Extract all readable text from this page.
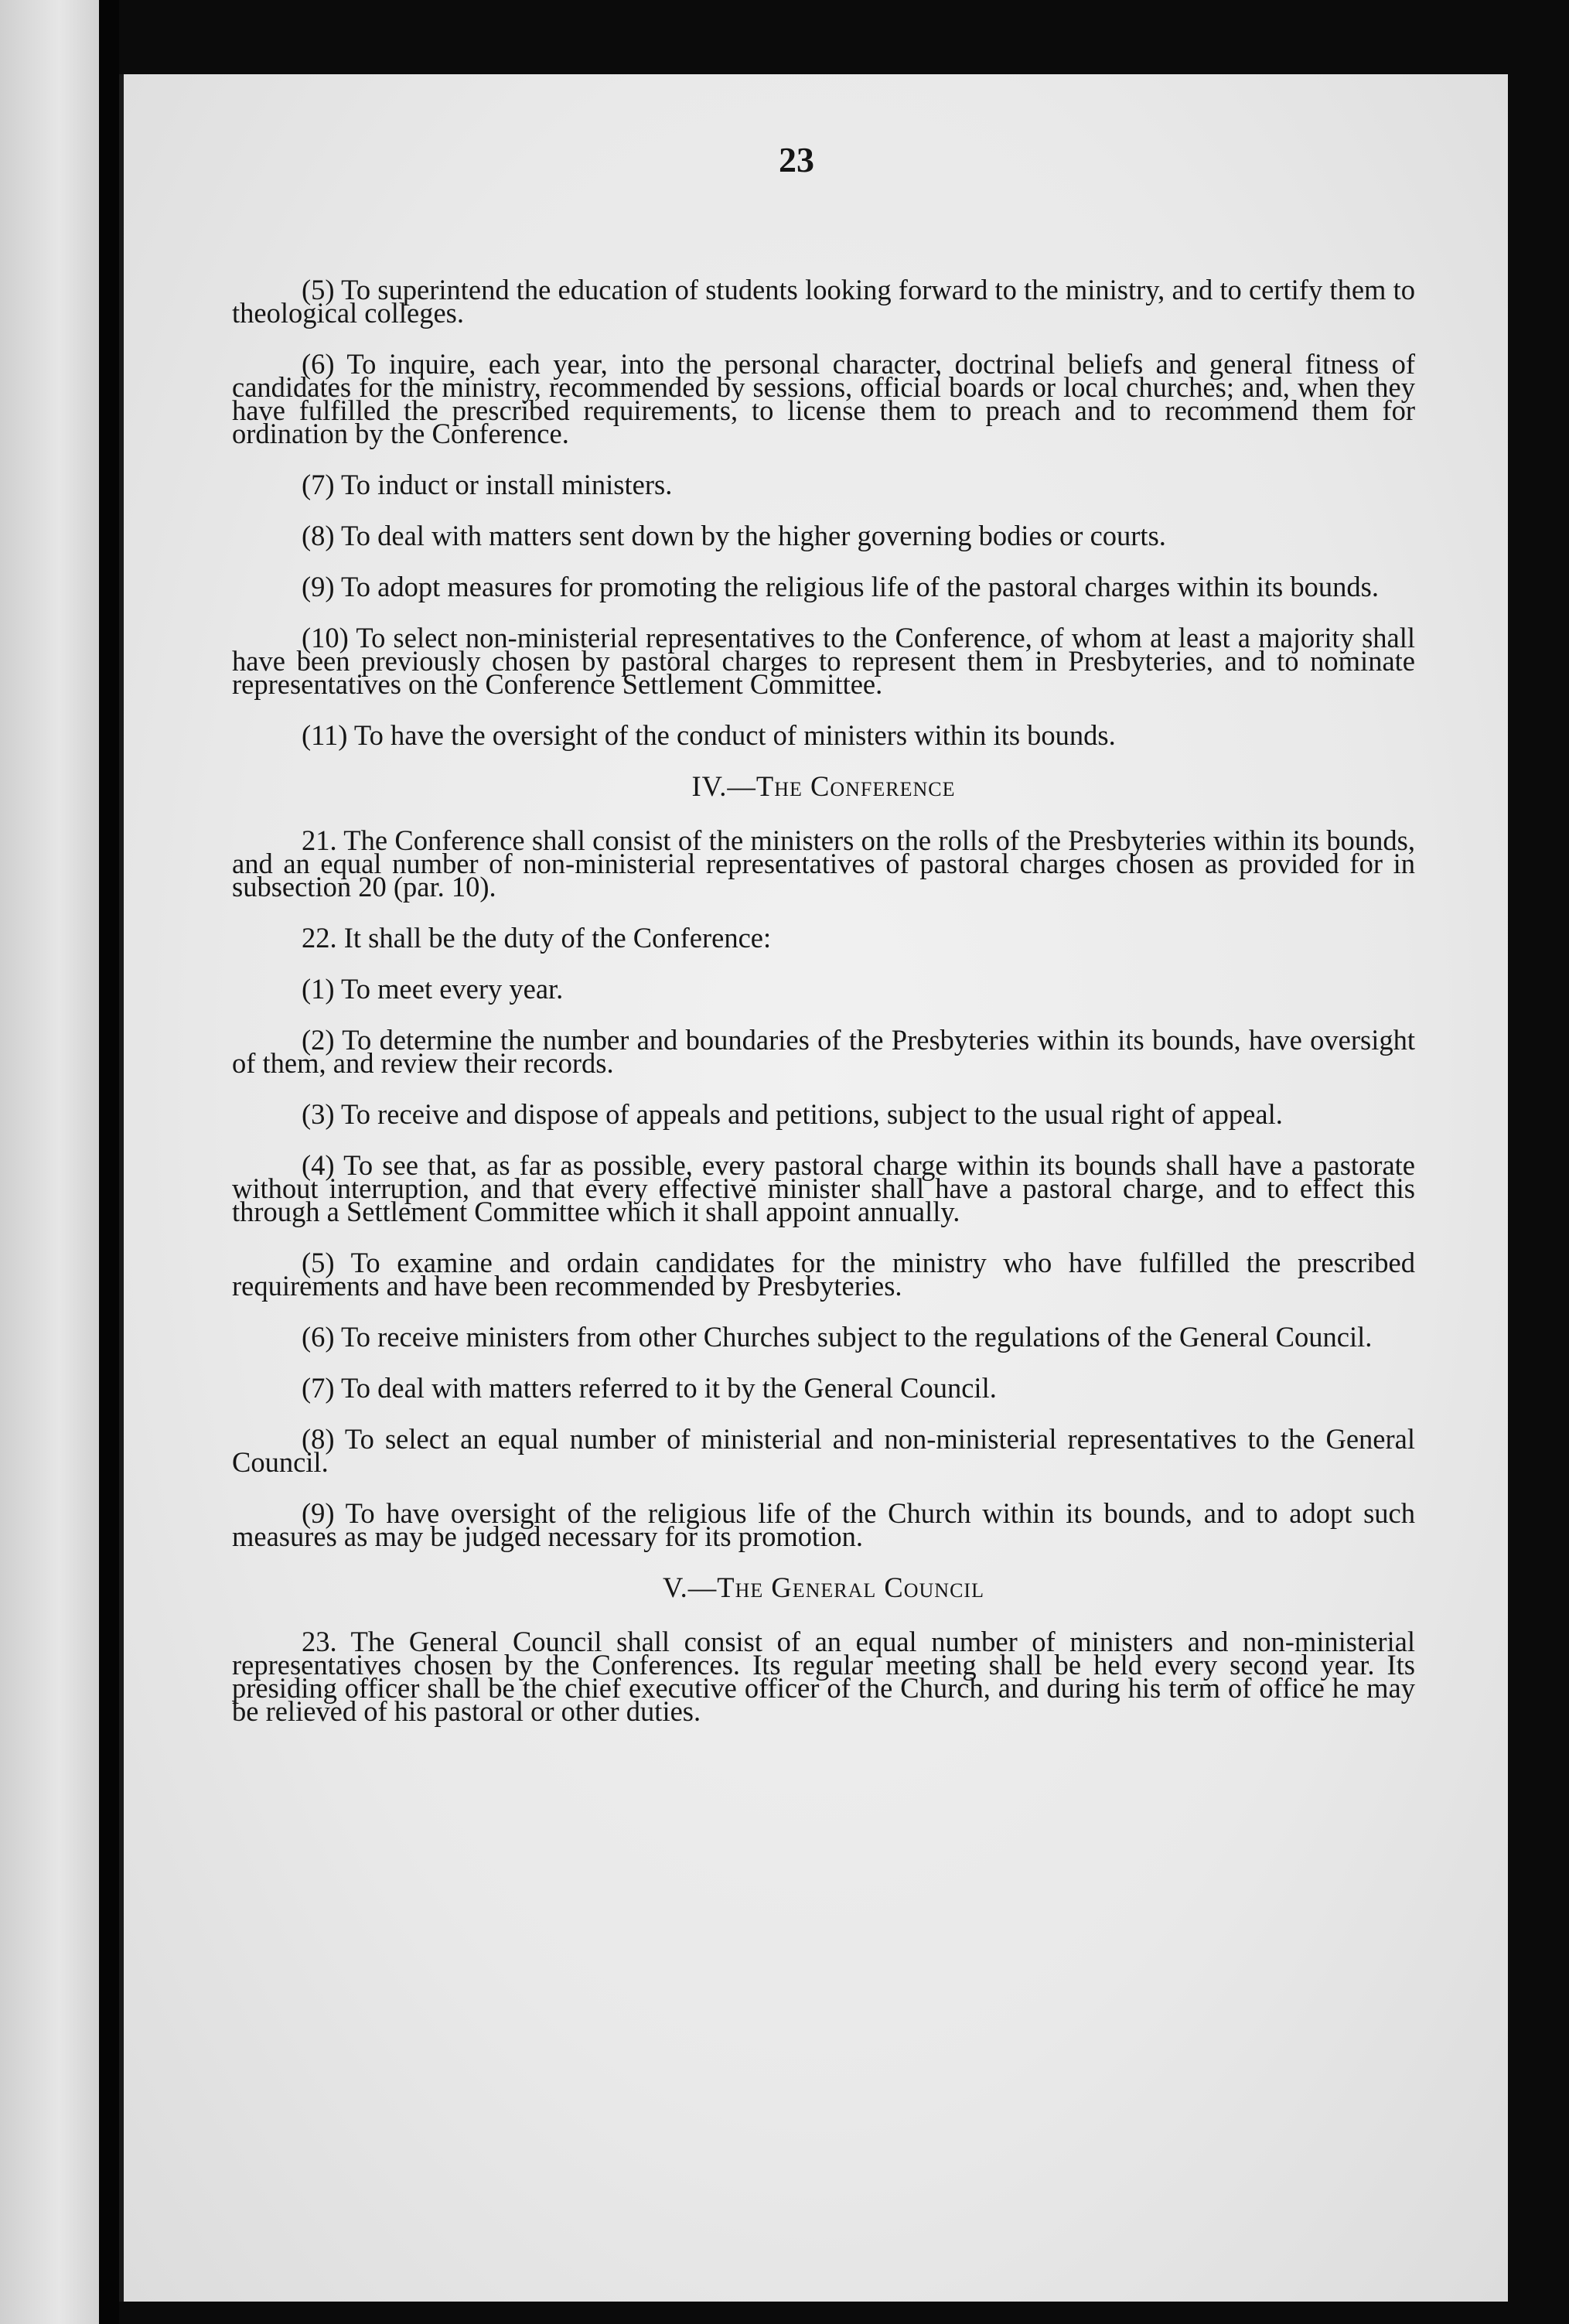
23

(5) To superintend the education of students looking forward to the ministry, and to certify them to theological colleges.

(6) To inquire, each year, into the personal character, doctrinal beliefs and general fitness of candidates for the ministry, recommended by sessions, official boards or local churches; and, when they have fulfilled the prescribed requirements, to license them to preach and to recommend them for ordination by the Conference.

(7) To induct or install ministers.

(8) To deal with matters sent down by the higher governing bodies or courts.

(9) To adopt measures for promoting the religious life of the pastoral charges within its bounds.

(10) To select non-ministerial representatives to the Conference, of whom at least a majority shall have been previously chosen by pastoral charges to represent them in Presbyteries, and to nominate representatives on the Conference Settlement Committee.

(11) To have the oversight of the conduct of ministers within its bounds.

IV.—The Conference

21. The Conference shall consist of the ministers on the rolls of the Presbyteries within its bounds, and an equal number of non-ministerial representatives of pastoral charges chosen as provided for in subsection 20 (par. 10).

22. It shall be the duty of the Conference:

(1) To meet every year.

(2) To determine the number and boundaries of the Presbyteries within its bounds, have oversight of them, and review their records.

(3) To receive and dispose of appeals and petitions, subject to the usual right of appeal.

(4) To see that, as far as possible, every pastoral charge within its bounds shall have a pastorate without interruption, and that every effective minister shall have a pastoral charge, and to effect this through a Settlement Committee which it shall appoint annually.

(5) To examine and ordain candidates for the ministry who have fulfilled the prescribed requirements and have been recommended by Presbyteries.

(6) To receive ministers from other Churches subject to the regulations of the General Council.

(7) To deal with matters referred to it by the General Council.

(8) To select an equal number of ministerial and non-ministerial representatives to the General Council.

(9) To have oversight of the religious life of the Church within its bounds, and to adopt such measures as may be judged necessary for its promotion.

V.—The General Council

23. The General Council shall consist of an equal number of ministers and non-ministerial representatives chosen by the Conferences. Its regular meeting shall be held every second year. Its presiding officer shall be the chief executive officer of the Church, and during his term of office he may be relieved of his pastoral or other duties.
